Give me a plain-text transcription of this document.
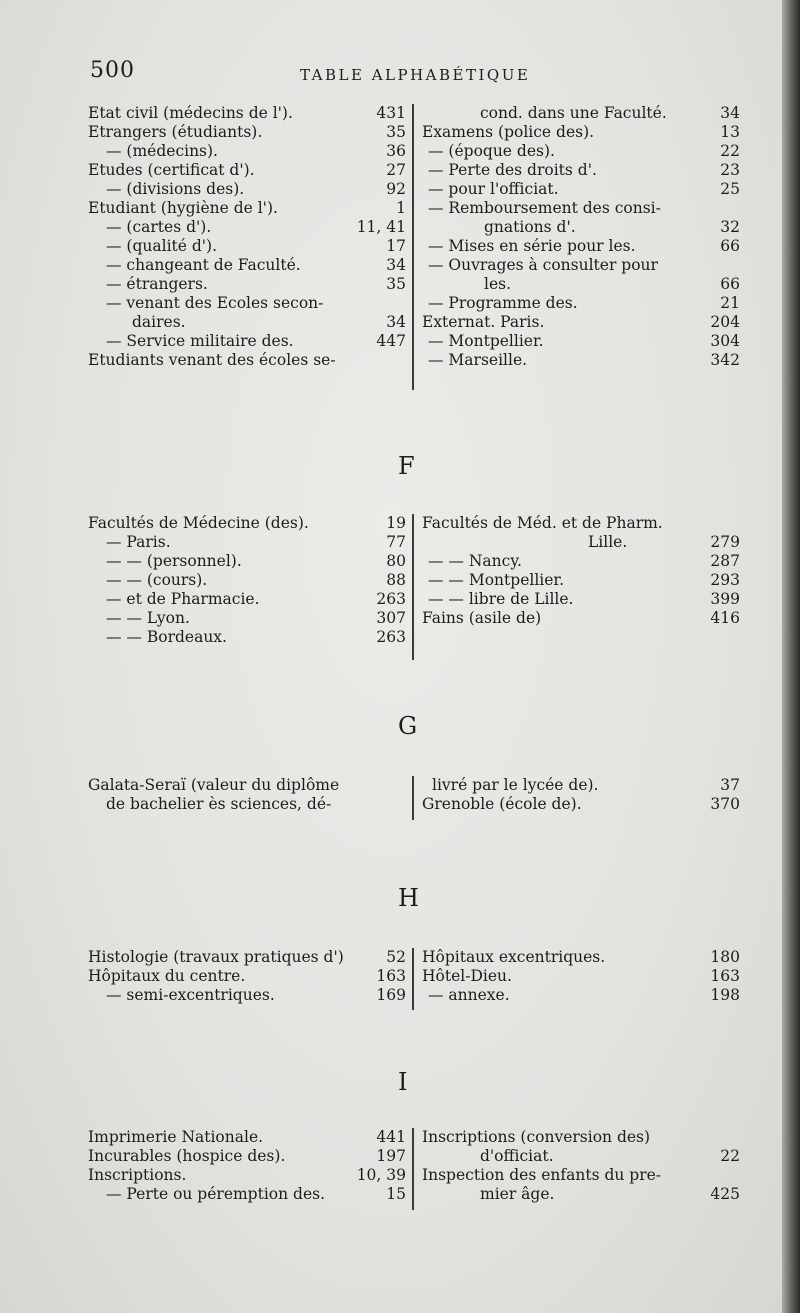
500	TABLE ALPHABÉTIQUE
Etat civil (médecins de l').	431
Etrangers (étudiants).	35
— (médecins).	36
Etudes (certificat d').	27
— (divisions des).	92
Etudiant (hygiène de l').	1
— (cartes d').	11, 41
— (qualité d').	17
— changeant de Faculté.	34
— étrangers.	35
— venant des Ecoles secon-
daires.	34
— Service militaire des.	447
Etudiants venant des écoles se-
cond. dans une Faculté.	34
Examens (police des).	13
— (époque des).	22
— Perte des droits d'.	23
— pour l'officiat.	25
— Remboursement des consi-
gnations d'.	32
— Mises en série pour les.	66
— Ouvrages à consulter pour
les.	66
— Programme des.	21
Externat. Paris.	204
— Montpellier.	304
— Marseille.	342
F
Facultés de Médecine (des).	19
— Paris.	77
— — (personnel).	80
— — (cours).	88
— et de Pharmacie.	263
— — Lyon.	307
— — Bordeaux.	263
Facultés de Méd. et de Pharm.
Lille.	279
— — Nancy.	287
— — Montpellier.	293
— — libre de Lille.	399
Fains (asile de)	416
G
Galata-Seraï (valeur du diplôme
de bachelier ès sciences, dé-
livré par le lycée de).	37
Grenoble (école de).	370
H
Histologie (travaux pratiques d')	52
Hôpitaux du centre.	163
— semi-excentriques.	169
Hôpitaux excentriques.	180
Hôtel-Dieu.	163
— annexe.	198
I
Imprimerie Nationale.	441
Incurables (hospice des).	197
Inscriptions.	10, 39
— Perte ou péremption des.	15
Inscriptions (conversion des)
d'officiat.	22
Inspection des enfants du pre-
mier âge.	425
